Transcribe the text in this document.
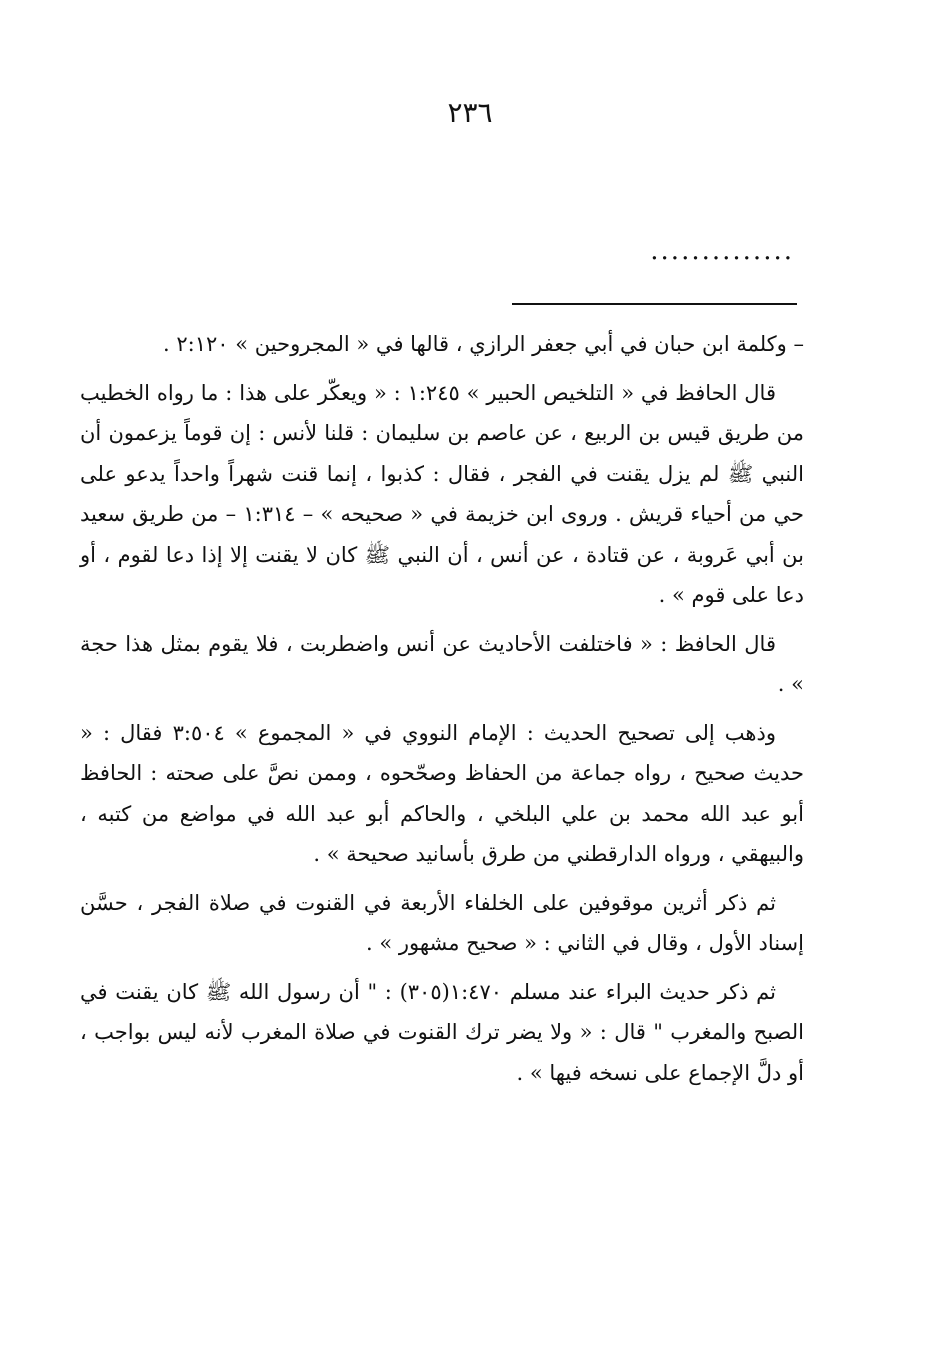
٢٣٦
..............

– وكلمة ابن حبان في أبي جعفر الرازي ، قالها في « المجروحين » ٢:١٢٠ .

قال الحافظ في « التلخيص الحبير » ١:٢٤٥ : « ويعكّر على هذا : ما رواه الخطيب من طريق قيس بن الربيع ، عن عاصم بن سليمان : قلنا لأنس : إن قوماً يزعمون أن النبي ﷺ لم يزل يقنت في الفجر ، فقال : كذبوا ، إنما قنت شهراً واحداً يدعو على حي من أحياء قريش . وروى ابن خزيمة في « صحيحه » – ١:٣١٤ – من طريق سعيد بن أبي عَروبة ، عن قتادة ، عن أنس ، أن النبي ﷺ كان لا يقنت إلا إذا دعا لقوم ، أو دعا على قوم » .

قال الحافظ : « فاختلفت الأحاديث عن أنس واضطربت ، فلا يقوم بمثل هذا حجة » .

وذهب إلى تصحيح الحديث : الإمام النووي في « المجموع » ٣:٥٠٤ فقال : « حديث صحيح ، رواه جماعة من الحفاظ وصحّحوه ، وممن نصَّ على صحته : الحافظ أبو عبد الله محمد بن علي البلخي ، والحاكم أبو عبد الله في مواضع من كتبه ، والبيهقي ، ورواه الدارقطني من طرق بأسانيد صحيحة » .

ثم ذكر أثرين موقوفين على الخلفاء الأربعة في القنوت في صلاة الفجر ، حسَّن إسناد الأول ، وقال في الثاني : « صحيح مشهور » .

ثم ذكر حديث البراء عند مسلم ١:٤٧٠(٣٠٥) : " أن رسول الله ﷺ كان يقنت في الصبح والمغرب " قال : « ولا يضر ترك القنوت في صلاة المغرب لأنه ليس بواجب ، أو دلَّ الإجماع على نسخه فيها » .
